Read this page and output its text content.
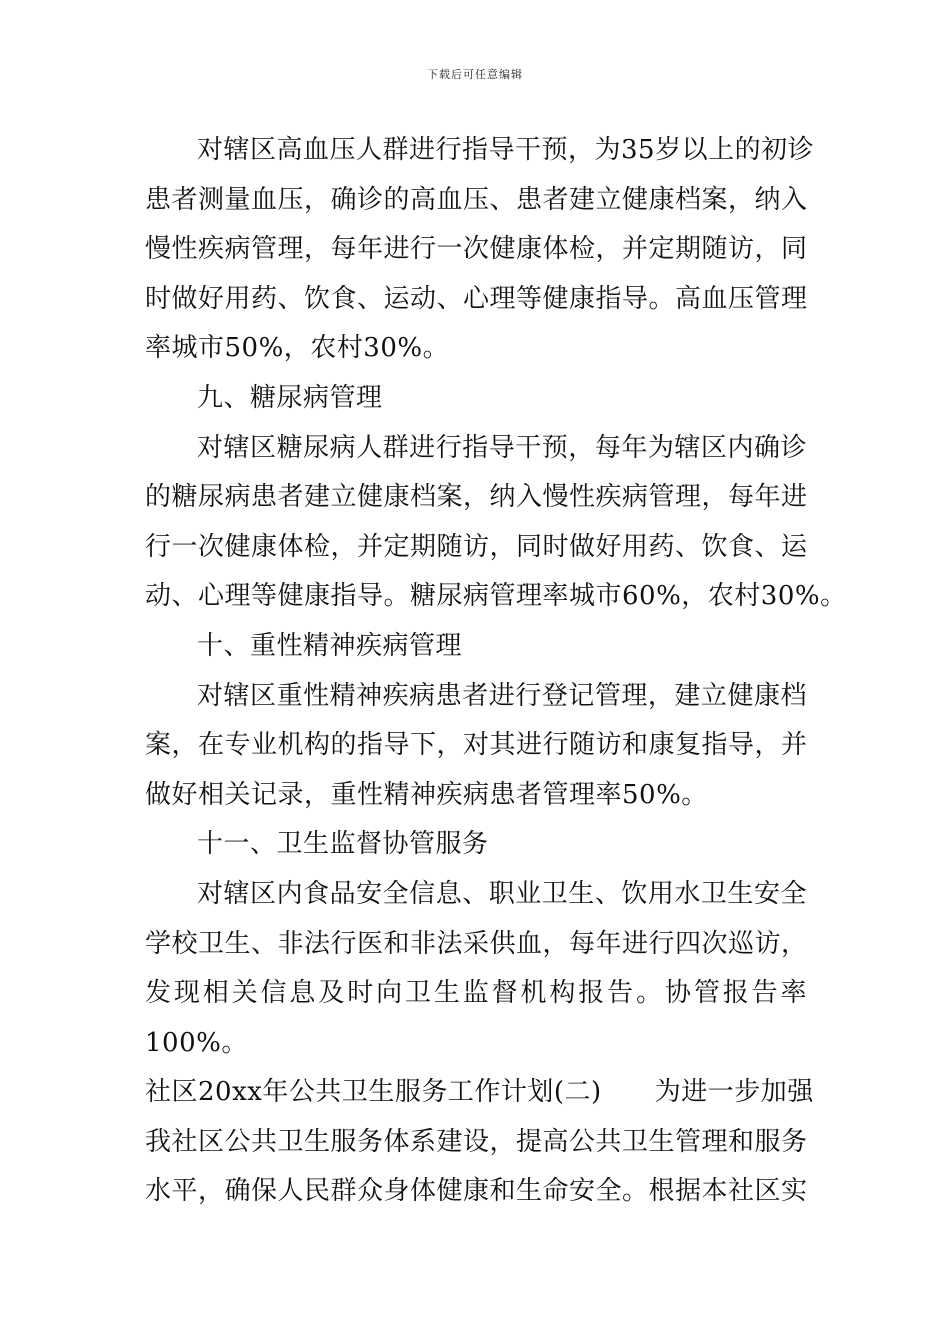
下载后可任意编辑
对辖区高血压人群进行指导干预，为35岁以上的初诊
患者测量血压，确诊的高血压、患者建立健康档案，纳入
慢性疾病管理，每年进行一次健康体检，并定期随访，同
时做好用药、饮食、运动、心理等健康指导。高血压管理
率城市50%，农村30%。
九、糖尿病管理
对辖区糖尿病人群进行指导干预，每年为辖区内确诊
的糖尿病患者建立健康档案，纳入慢性疾病管理，每年进
行一次健康体检，并定期随访，同时做好用药、饮食、运
动、心理等健康指导。糖尿病管理率城市60%，农村30%。
十、重性精神疾病管理
对辖区重性精神疾病患者进行登记管理，建立健康档
案，在专业机构的指导下，对其进行随访和康复指导，并
做好相关记录，重性精神疾病患者管理率50%。
十一、卫生监督协管服务
对辖区内食品安全信息、职业卫生、饮用水卫生安全
学校卫生、非法行医和非法采供血，每年进行四次巡访，
发现相关信息及时向卫生监督机构报告。协管报告率
100%。
社区20xx年公共卫生服务工作计划(二)　　为进一步加强
我社区公共卫生服务体系建设，提高公共卫生管理和服务
水平，确保人民群众身体健康和生命安全。根据本社区实
